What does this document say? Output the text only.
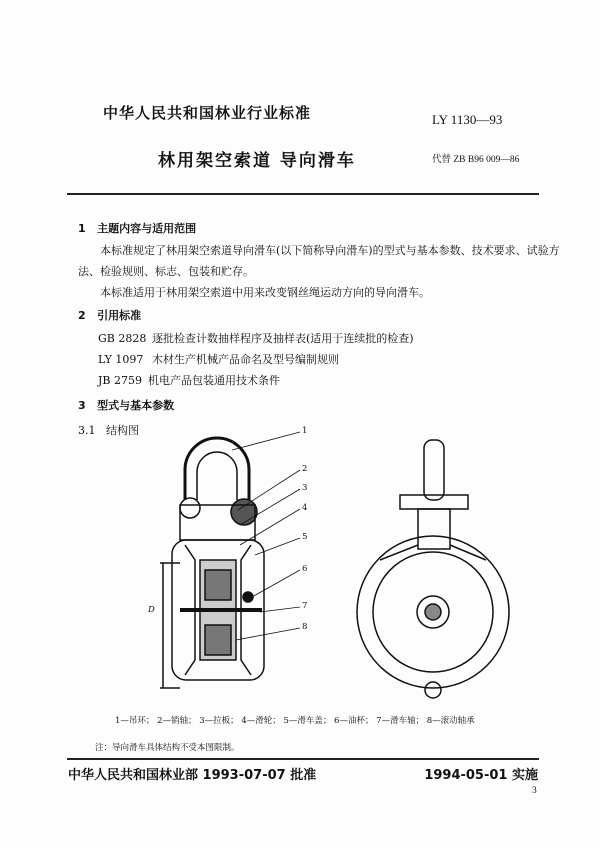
中华人民共和国林业行业标准	LY 1130—93
林用架空索道 导向滑车	代替 ZB B96 009—86
1 主题内容与适用范围
本标准规定了林用架空索道导向滑车(以下简称导向滑车)的型式与基本参数、技术要求、试验方
法、检验规则、标志、包装和贮存。
本标准适用于林用架空索道中用来改变钢丝绳运动方向的导向滑车。
2 引用标准
GB 2828 逐批检查计数抽样程序及抽样表(适用于连续批的检查)
LY 1097 木材生产机械产品命名及型号编制规则
JB 2759 机电产品包装通用技术条件
3 型式与基本参数
3.1 结构图	1
2
3
4
5
6
7
8
D
1—吊环； 2—销轴； 3—拉板； 4—滑轮； 5—滑车盖； 6—油杯； 7—滑车轴； 8—滚动轴承
注：导向滑车具体结构不受本图限制。
中华人民共和国林业部 1993-07-07 批准	1994-05-01 实施
3
